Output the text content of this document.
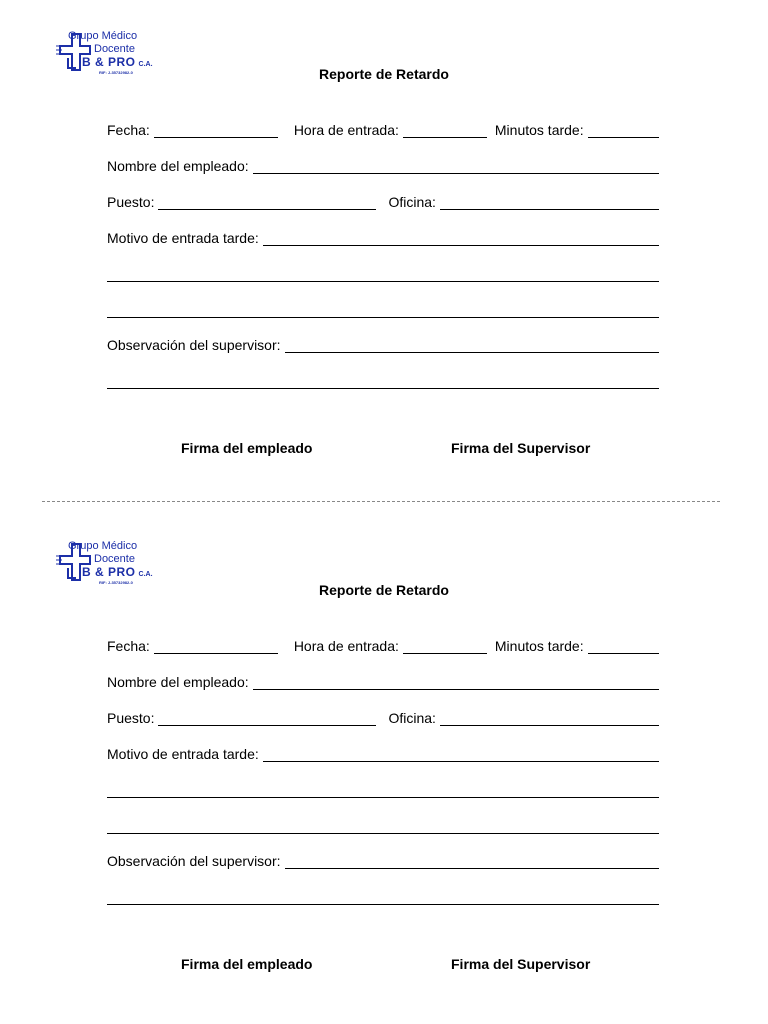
Grupo Médico
Docente
B & PRO C.A.
RIF: J-35732982-0	Reporte de Retardo
Fecha:	Hora de entrada:	Minutos tarde:
Nombre del empleado:
Puesto:	Oficina:
Motivo de entrada tarde:
Observación del supervisor:
Firma del empleado	Firma del Supervisor
Grupo Médico
Docente
B & PRO C.A.
RIF: J-35732982-0	Reporte de Retardo
Fecha:	Hora de entrada:	Minutos tarde:
Nombre del empleado:
Puesto:	Oficina:
Motivo de entrada tarde:
Observación del supervisor:
Firma del empleado	Firma del Supervisor
